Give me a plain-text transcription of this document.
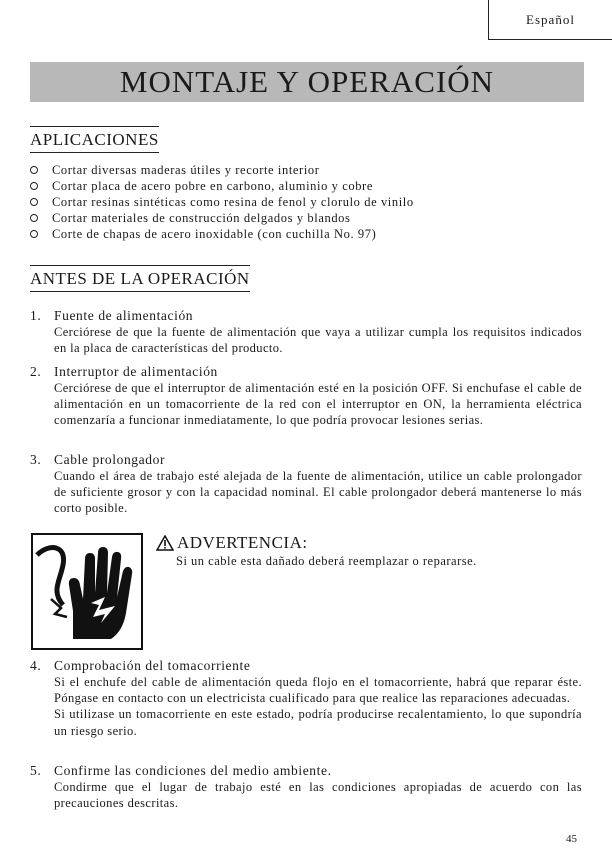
Español
MONTAJE Y OPERACIÓN
APLICACIONES
Cortar diversas maderas útiles y recorte interior
Cortar placa de acero pobre en carbono, aluminio y cobre
Cortar resinas sintéticas como resina de fenol y clorulo de vinilo
Cortar materiales de construcción delgados y blandos
Corte de chapas de acero inoxidable (con cuchilla No. 97)
ANTES DE LA OPERACIÓN
1. Fuente de alimentación
Cerciórese de que la fuente de alimentación que vaya a utilizar cumpla los requisitos indicados en la placa de características del producto.
2. Interruptor de alimentación
Cerciórese de que el interruptor de alimentación esté en la posición OFF. Si enchufase el cable de alimentación en un tomacorriente de la red con el interruptor en ON, la herramienta eléctrica comenzaría a funcionar inmediatamente, lo que podría provocar lesiones serias.
3. Cable prolongador
Cuando el área de trabajo esté alejada de la fuente de alimentación, utilice un cable prolongador de suficiente grosor y con la capacidad nominal. El cable prolongador deberá mantenerse lo más corto posible.
ADVERTENCIA:
Si un cable esta dañado deberá reemplazar o repararse.
4. Comprobación del tomacorriente
Si el enchufe del cable de alimentación queda flojo en el tomacorriente, habrá que reparar éste. Póngase en contacto con un electricista cualificado para que realice las reparaciones adecuadas.
Si utilizase un tomacorriente en este estado, podría producirse recalentamiento, lo que supondría un riesgo serio.
5. Confirme las condiciones del medio ambiente.
Condirme que el lugar de trabajo esté en las condiciones apropiadas de acuerdo con las precauciones descritas.
45
